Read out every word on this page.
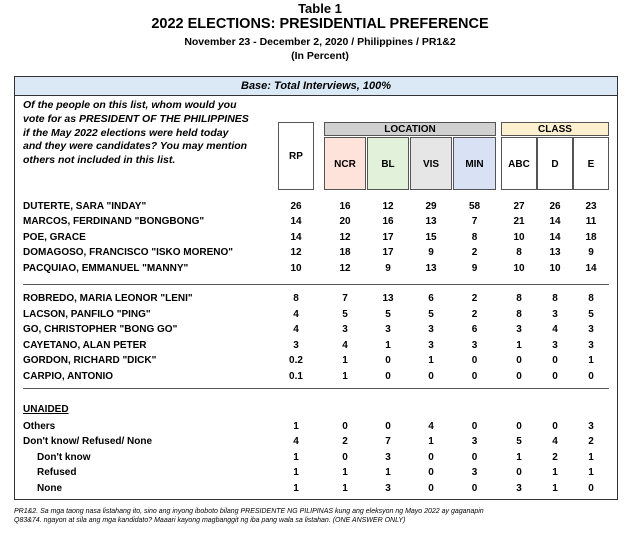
Table 1
2022 ELECTIONS: PRESIDENTIAL PREFERENCE
November 23 - December 2, 2020 / Philippines / PR1&2
(In Percent)
Base: Total Interviews, 100%
Of the people on this list, whom would you
vote for as PRESIDENT OF THE PHILIPPINES
if the May 2022 elections were held today
and they were candidates? You may mention
others not included in this list.	RP
LOCATION
NCR	BL	VIS	MIN
CLASS
ABC	D	E
UNAIDED
DUTERTE, SARA "INDAY"	26	16	12	29	58	27	26	23
MARCOS, FERDINAND "BONGBONG"	14	20	16	13	7	21	14	11
POE, GRACE	14	12	17	15	8	10	14	18
DOMAGOSO, FRANCISCO "ISKO MORENO"	12	18	17	9	2	8	13	9
PACQUIAO, EMMANUEL "MANNY"	10	12	9	13	9	10	10	14
ROBREDO, MARIA LEONOR "LENI"	8	7	13	6	2	8	8	8
LACSON, PANFILO "PING"	4	5	5	5	2	8	3	5
GO, CHRISTOPHER "BONG GO"	4	3	3	3	6	3	4	3
CAYETANO, ALAN PETER	3	4	1	3	3	1	3	3
GORDON, RICHARD "DICK"	0.2	1	0	1	0	0	0	1
CARPIO, ANTONIO	0.1	1	0	0	0	0	0	0
Others	1	0	0	4	0	0	0	3
Don't know/ Refused/ None	4	2	7	1	3	5	4	2
Don't know	1	0	3	0	0	1	2	1
Refused	1	1	1	0	3	0	1	1
None	1	1	3	0	0	3	1	0
PR1&2. Sa mga taong nasa listahang ito, sino ang inyong iboboto bilang PRESIDENTE NG PILIPINAS kung ang eleksyon ng Mayo 2022 ay gaganapin
Q83&74. ngayon at sila ang mga kandidato? Maaari kayong magbanggit ng iba pang wala sa listahan. (ONE ANSWER ONLY)
